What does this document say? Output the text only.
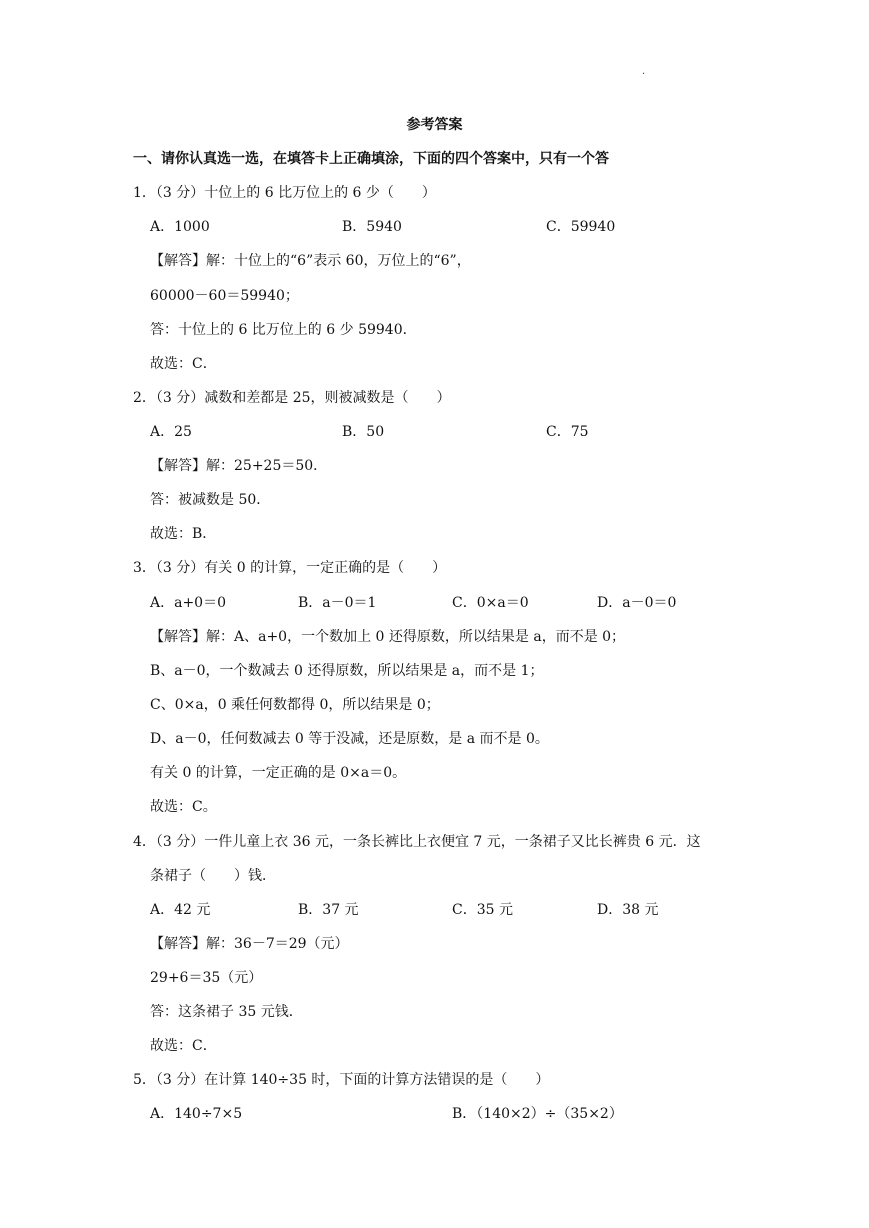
.
参考答案
一、请你认真选一选，在填答卡上正确填涂，下面的四个答案中，只有一个答
1．（3 分）十位上的 6 比万位上的 6 少（　　）
A．1000	B．5940	C．59940
【解答】解：十位上的“6”表示 60，万位上的“6”，
60000－60＝59940；
答：十位上的 6 比万位上的 6 少 59940．
故选：C．
2．（3 分）减数和差都是 25，则被减数是（　　）
A．25	B．50	C．75
【解答】解：25+25＝50．
答：被减数是 50．
故选：B．
3．（3 分）有关 0 的计算，一定正确的是（　　）
A．a+0＝0	B．a－0＝1	C．0×a＝0	D．a－0＝0
【解答】解：A、a+0，一个数加上 0 还得原数，所以结果是 a，而不是 0；
B、a－0，一个数减去 0 还得原数，所以结果是 a，而不是 1；
C、0×a，0 乘任何数都得 0，所以结果是 0；
D、a－0，任何数减去 0 等于没减，还是原数，是 a 而不是 0。
有关 0 的计算，一定正确的是 0×a＝0。
故选：C。
4．（3 分）一件儿童上衣 36 元，一条长裤比上衣便宜 7 元，一条裙子又比长裤贵 6 元．这
条裙子（　　）钱．
A．42 元	B．37 元	C．35 元	D．38 元
【解答】解：36－7＝29（元）
29+6＝35（元）
答：这条裙子 35 元钱．
故选：C．
5．（3 分）在计算 140÷35 时，下面的计算方法错误的是（　　）
A．140÷7×5	B．（140×2）÷（35×2）
